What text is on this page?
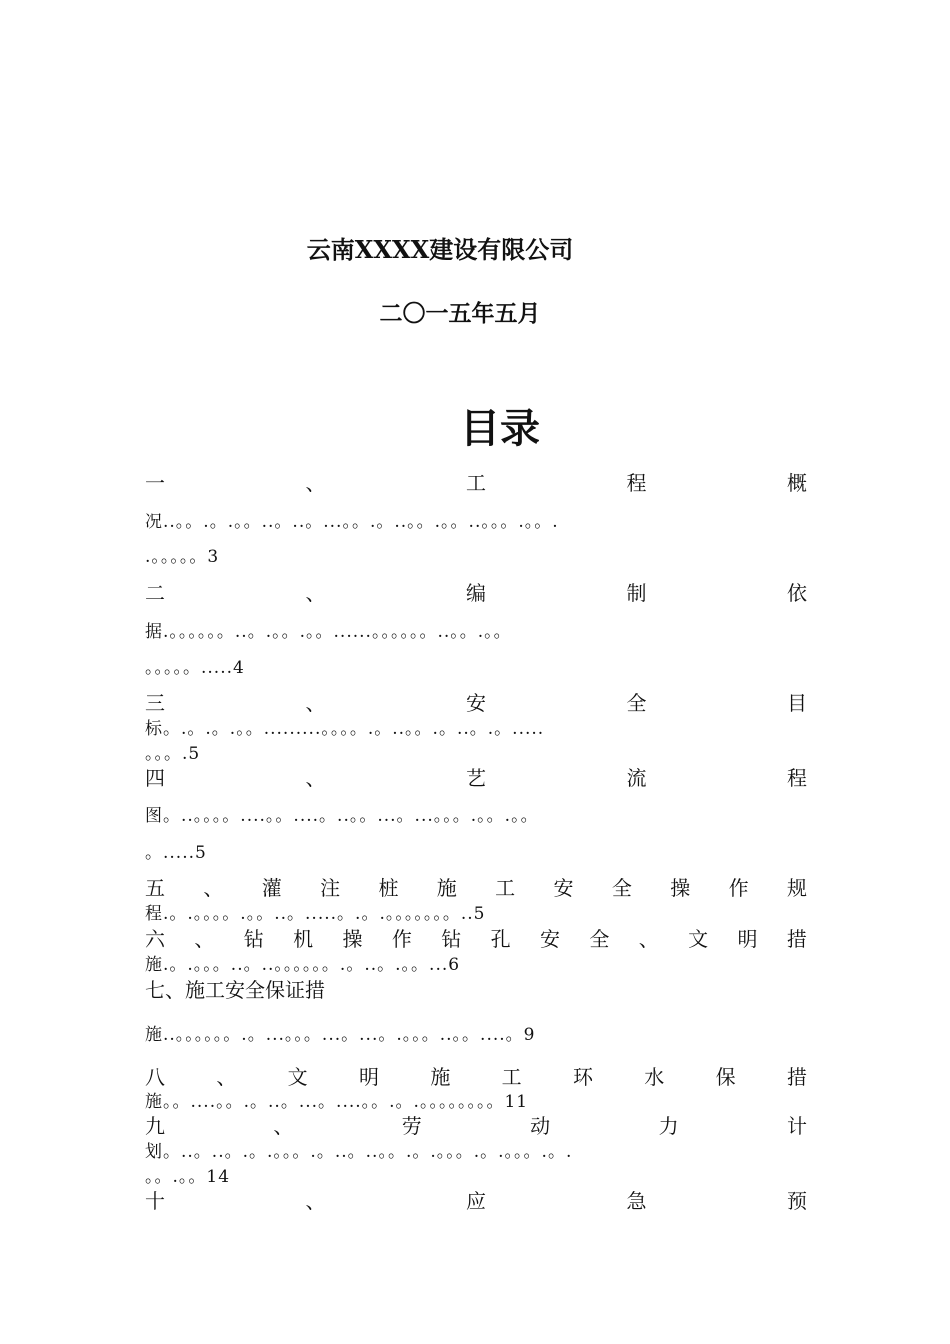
云南XXXX建设有限公司
二〇一五年五月
目录
一	、	工	程	概
况..。。.。.。。..。..。...。。.。..。。.。。..。。。.。。.
.。。。。。3
二	、	编	制	依
据.。。。。。。..。.。。.。。......。。。。。。..。。.。。
。。。。。.....4
三	、	安	全	目
标。.。.。.。。.........。。。。.。..。。.。..。.。.....
。。。.5
四	、	艺	流	程
图。..。。。。....。。....。..。。...。...。。。.。。.。。
。.....5
五 、 灌 注 桩 施 工 安 全 操 作 规
程.。.。。。。.。。..。.....。.。.。。。。。。。..5
六 、 钻 机 操 作 钻 孔 安 全 、 文 明 措
施.。.。。。..。..。。。。。。.。..。.。。...6
七、施工安全保证措
施..。。。。。。.。...。。。...。...。.。。。..。。....。9
八	、	文	明	施	工	环	水	保	措
施。。....。。.。..。...。....。。.。.。。。。。。。。11
九	、	劳	动	力	计
划。..。..。.。.。。。.。..。..。。.。.。。。.。.。。。.。.
。。.。。14
十	、	应	急	预
